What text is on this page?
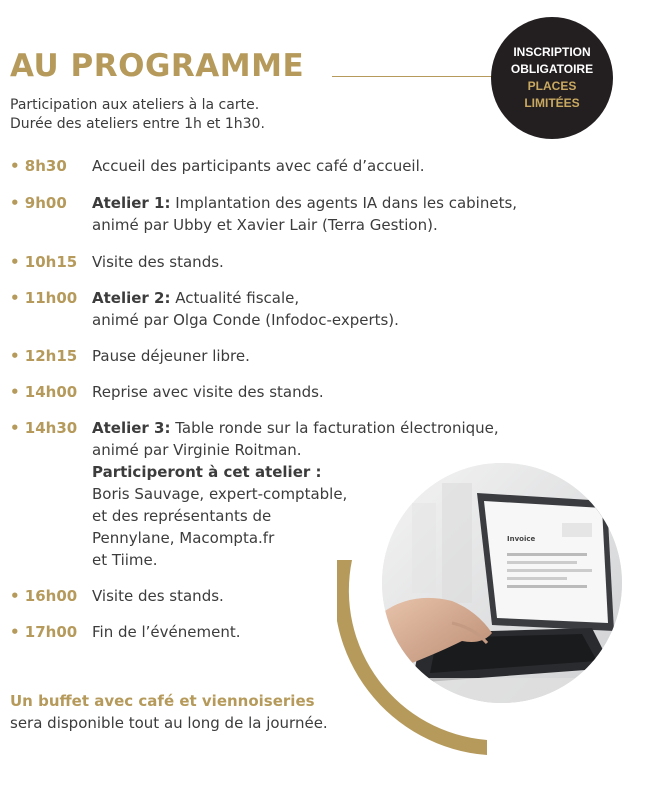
AU PROGRAMME	INSCRIPTION
OBLIGATOIRE
PLACES
LIMITÉES
Participation aux ateliers à la carte.
Durée des ateliers entre 1h et 1h30.
Invoice
• 8h30	Accueil des participants avec café d’accueil.
• 9h00	Atelier 1: Implantation des agents IA dans les cabinets,
animé par Ubby et Xavier Lair (Terra Gestion).
• 10h15 Visite des stands.
• 11h00 Atelier 2: Actualité fiscale,
animé par Olga Conde (Infodoc-experts).
• 12h15 Pause déjeuner libre.
• 14h00 Reprise avec visite des stands.
• 14h30 Atelier 3: Table ronde sur la facturation électronique,
animé par Virginie Roitman.
Participeront à cet atelier :
Boris Sauvage, expert-comptable,
et des représentants de
Pennylane, Macompta.fr
et Tiime.
• 16h00 Visite des stands.
• 17h00 Fin de l’événement.
Un buffet avec café et viennoiseries
sera disponible tout au long de la journée.
